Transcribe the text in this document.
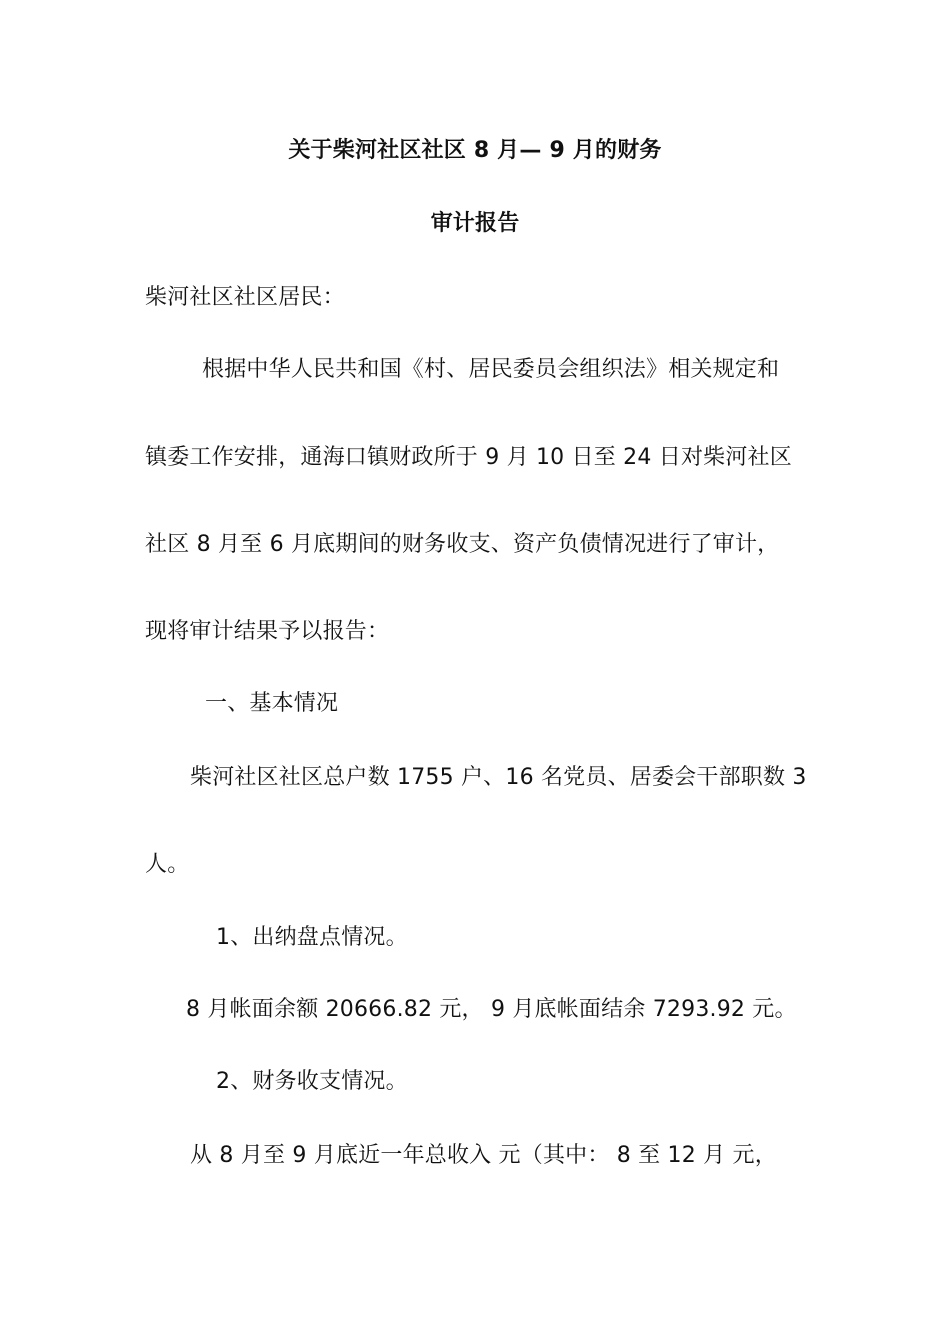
关于柴河社区社区 8 月— 9 月的财务
审计报告
柴河社区社区居民：
根据中华人民共和国《村、居民委员会组织法》相关规定和
镇委工作安排，通海口镇财政所于 9 月 10 日至 24 日对柴河社区
社区 8 月至 6 月底期间的财务收支、资产负债情况进行了审计，
现将审计结果予以报告：
一、基本情况
柴河社区社区总户数 1755 户、16 名党员、居委会干部职数 3
人。
1、出纳盘点情况。
8 月帐面余额 20666.82 元， 9 月底帐面结余 7293.92 元。
2、财务收支情况。
从 8 月至 9 月底近一年总收入 元（其中： 8 至 12 月 元，
